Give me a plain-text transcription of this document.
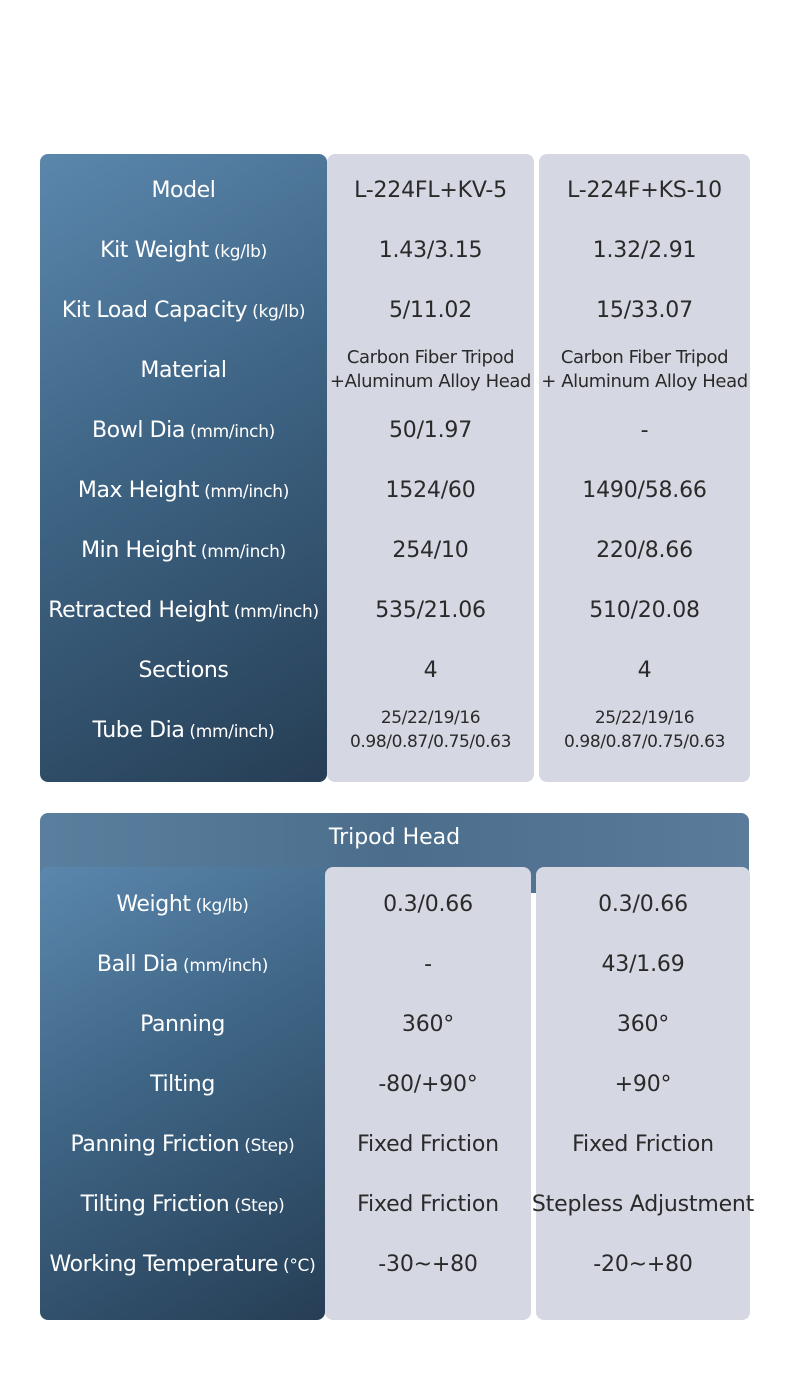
Model
Kit Weight (kg/lb)
Kit Load Capacity (kg/lb)
Material
Bowl Dia (mm/inch)
Max Height (mm/inch)
Min Height (mm/inch)
Retracted Height (mm/inch)
Sections
Tube Dia (mm/inch)
L-224FL+KV-5
1.43/3.15
5/11.02
Carbon Fiber Tripod
+Aluminum Alloy Head
50/1.97
1524/60
254/10
535/21.06
4
25/22/19/16
0.98/0.87/0.75/0.63
L-224F+KS-10
1.32/2.91
15/33.07
Carbon Fiber Tripod
+ Aluminum Alloy Head
-
1490/58.66
220/8.66
510/20.08
4
25/22/19/16
0.98/0.87/0.75/0.63
Tripod Head
Weight (kg/lb)
Ball Dia (mm/inch)
Panning
Tilting
Panning Friction (Step)
Tilting Friction (Step)
Working Temperature (°C)
0.3/0.66
-
360°
-80/+90°
Fixed Friction
Fixed Friction
-30~+80
0.3/0.66
43/1.69
360°
+90°
Fixed Friction
Stepless Adjustment
-20~+80
